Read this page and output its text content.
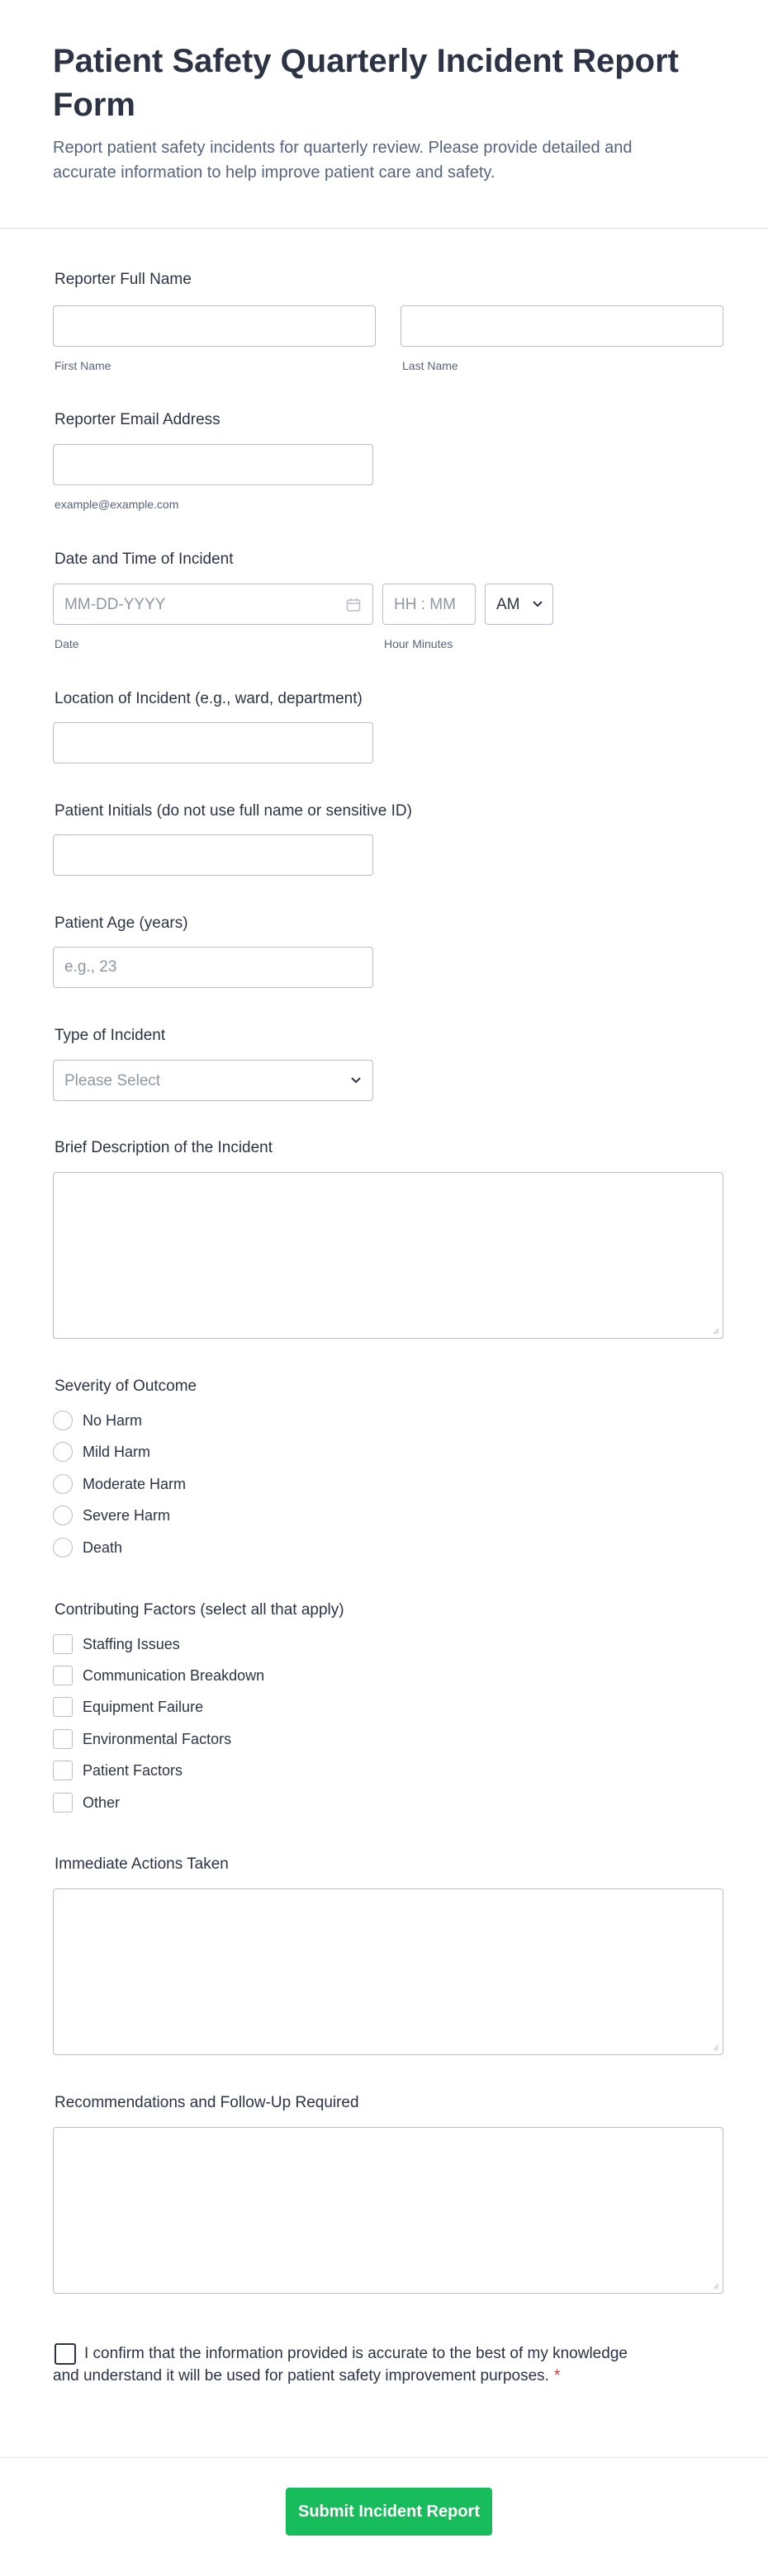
Patient Safety Quarterly Incident Report Form

Report patient safety incidents for quarterly review. Please provide detailed and accurate information to help improve patient care and safety.

Reporter Full Name
First Name	Last Name
Reporter Email Address
example@example.com
Date and Time of Incident
MM-DD-YYYY	HH : MM	AM
Date	Hour Minutes
Location of Incident (e.g., ward, department)
Patient Initials (do not use full name or sensitive ID)
Patient Age (years)
e.g., 23
Type of Incident
Please Select
Brief Description of the Incident
Severity of Outcome
No Harm
Mild Harm
Moderate Harm
Severe Harm
Death
Contributing Factors (select all that apply)
Staffing Issues
Communication Breakdown
Equipment Failure
Environmental Factors
Patient Factors
Other
Immediate Actions Taken
Recommendations and Follow-Up Required
I confirm that the information provided is accurate to the best of my knowledge and understand it will be used for patient safety improvement purposes. *
Submit Incident Report
